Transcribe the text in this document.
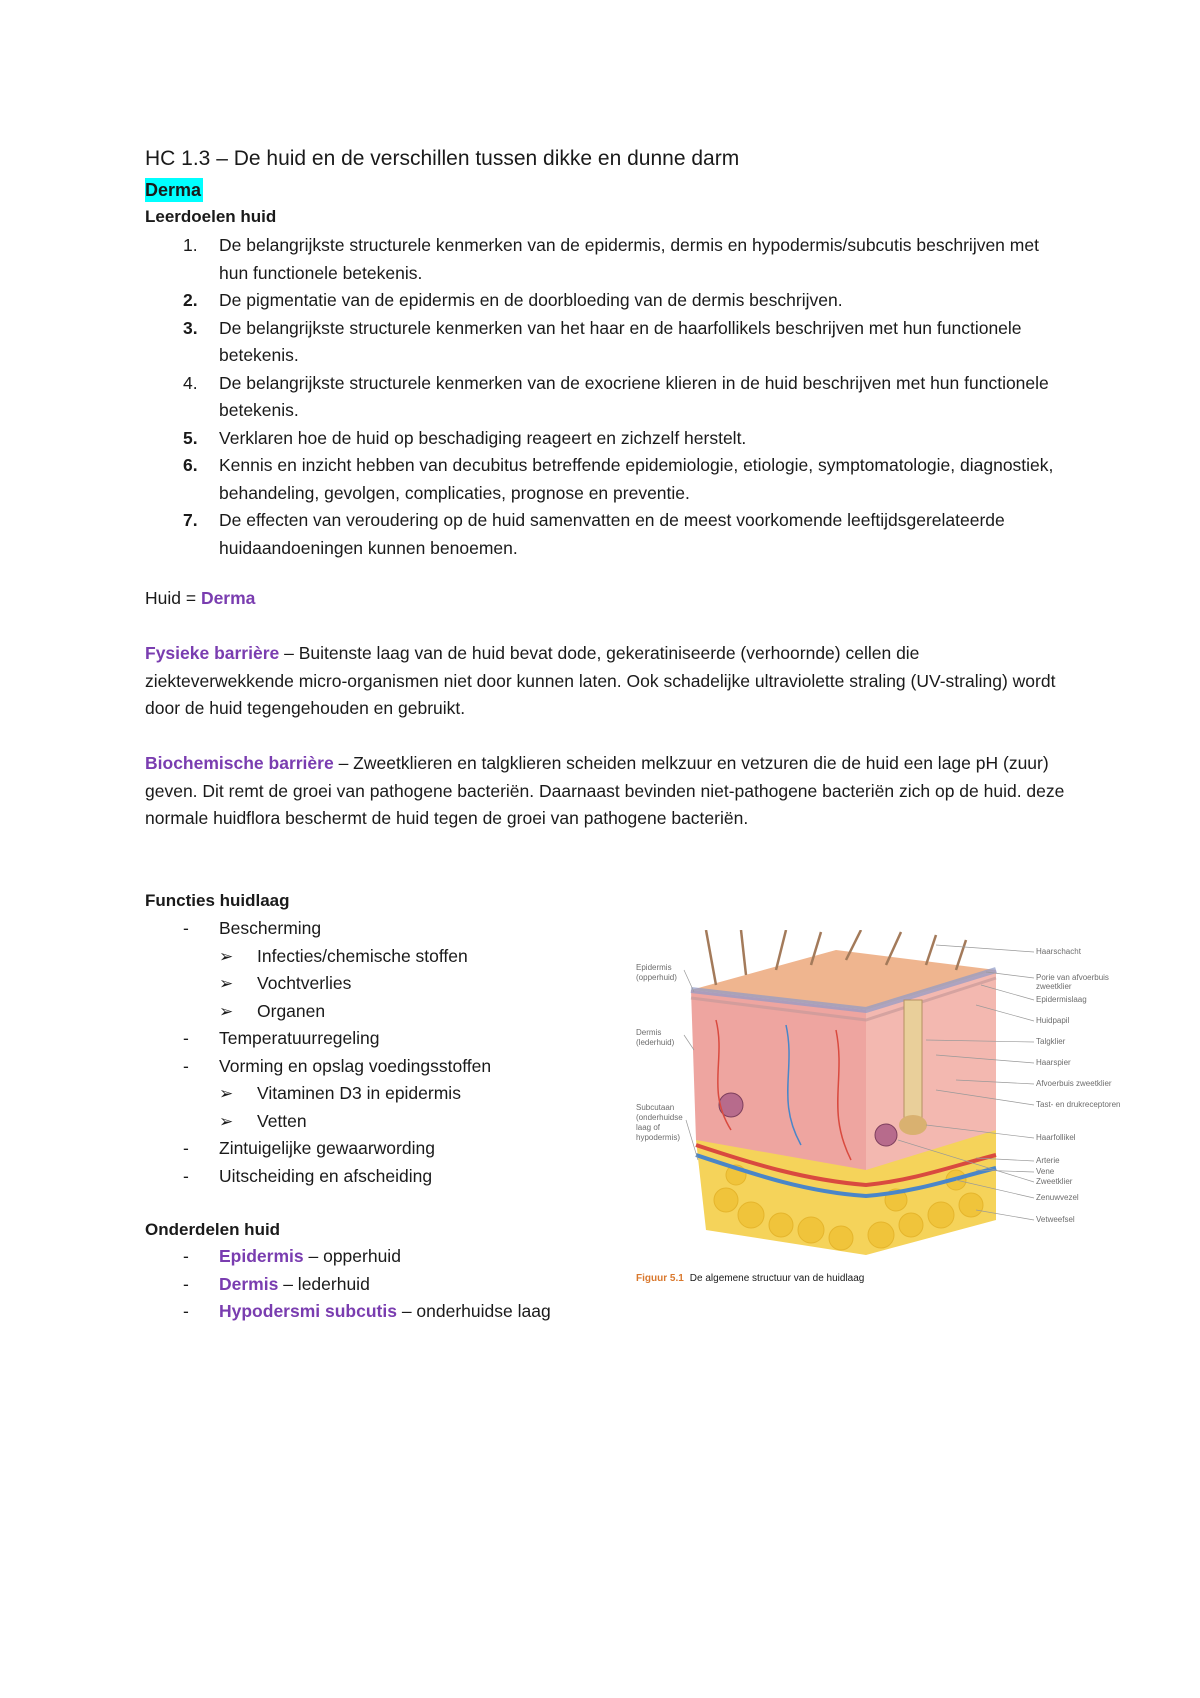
HC 1.3 – De huid en de verschillen tussen dikke en dunne darm
Derma
Leerdoelen huid
1. De belangrijkste structurele kenmerken van de epidermis, dermis en hypodermis/subcutis beschrijven met hun functionele betekenis.
2. De pigmentatie van de epidermis en de doorbloeding van de dermis beschrijven.
3. De belangrijkste structurele kenmerken van het haar en de haarfollikels beschrijven met hun functionele betekenis.
4. De belangrijkste structurele kenmerken van de exocriene klieren in de huid beschrijven met hun functionele betekenis.
5. Verklaren hoe de huid op beschadiging reageert en zichzelf herstelt.
6. Kennis en inzicht hebben van decubitus betreffende epidemiologie, etiologie, symptomatologie, diagnostiek, behandeling, gevolgen, complicaties, prognose en preventie.
7. De effecten van veroudering op de huid samenvatten en de meest voorkomende leeftijdsgerelateerde huidaandoeningen kunnen benoemen.
Huid = Derma
Fysieke barrière – Buitenste laag van de huid bevat dode, gekeratiniseerde (verhoornde) cellen die ziekteverwekkende micro-organismen niet door kunnen laten. Ook schadelijke ultraviolette straling (UV-straling) wordt door de huid tegengehouden en gebruikt.
Biochemische barrière – Zweetklieren en talgklieren scheiden melkzuur en vetzuren die de huid een lage pH (zuur) geven. Dit remt de groei van pathogene bacteriën. Daarnaast bevinden niet-pathogene bacteriën zich op de huid. deze normale huidflora beschermt de huid tegen de groei van pathogene bacteriën.
Functies huidlaag
- Bescherming
➢ Infecties/chemische stoffen
➢ Vochtverlies
➢ Organen
- Temperatuurregeling
- Vorming en opslag voedingsstoffen
➢ Vitaminen D3 in epidermis
➢ Vetten
- Zintuigelijke gewaarwording
- Uitscheiding en afscheiding
Onderdelen huid
- Epidermis – opperhuid
- Dermis – lederhuid
- Hypodersmi subcutis – onderhuidse laag
Epidermis
(opperhuid)
Dermis
(lederhuid)
Subcutaan
(onderhuidse
laag of
hypodermis)
Haarschacht
Porie van afvoerbuis
zweetklier
Epidermislaag
Huidpapil
Talgklier
Haarspier
Afvoerbuis zweetklier
Tast- en drukreceptoren
Haarfollikel
Arterie
Vene
Zweetklier
Zenuwvezel
Vetweefsel
Figuur 5.1 De algemene structuur van de huidlaag
